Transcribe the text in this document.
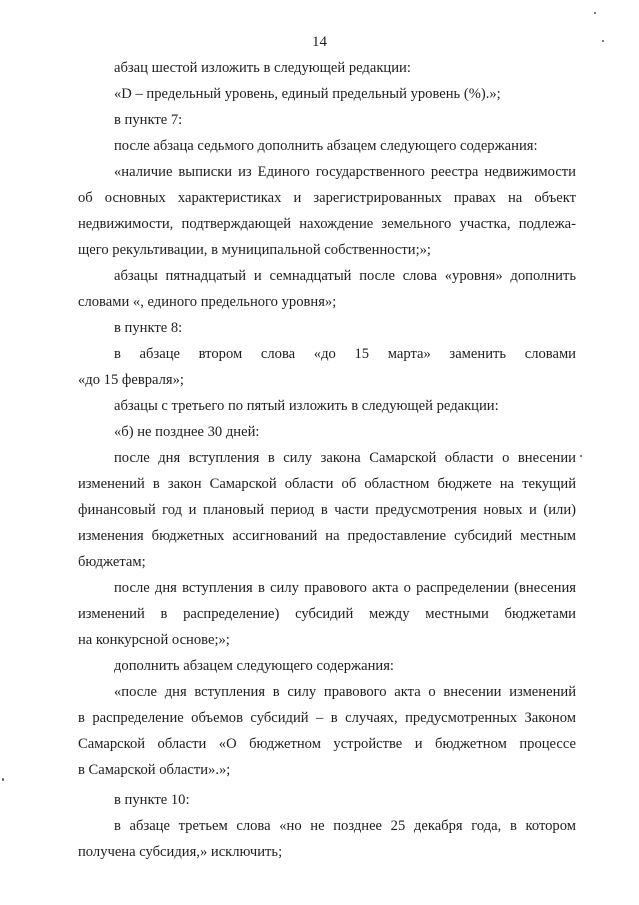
14

абзац шестой изложить в следующей редакции:

«D – предельный уровень, единый предельный уровень (%).»;

в пункте 7:

после абзаца седьмого дополнить абзацем следующего содержания:

«наличие выписки из Единого государственного реестра недвижимости

об основных характеристиках и зарегистрированных правах на объект

недвижимости, подтверждающей нахождение земельного участка, подлежа-

щего рекультивации, в муниципальной собственности;»;

абзацы пятнадцатый и семнадцатый после слова «уровня» дополнить

словами «, единого предельного уровня»;

в пункте 8:

в абзаце втором слова «до 15 марта» заменить словами

«до 15 февраля»;

абзацы с третьего по пятый изложить в следующей редакции:

«б) не позднее 30 дней:

после дня вступления в силу закона Самарской области о внесении

изменений в закон Самарской области об областном бюджете на текущий

финансовый год и плановый период в части предусмотрения новых и (или)

изменения бюджетных ассигнований на предоставление субсидий местным

бюджетам;

после дня вступления в силу правового акта о распределении (внесения

изменений в распределение) субсидий между местными бюджетами

на конкурсной основе;»;

дополнить абзацем следующего содержания:

«после дня вступления в силу правового акта о внесении изменений

в распределение объемов субсидий – в случаях, предусмотренных Законом

Самарской области «О бюджетном устройстве и бюджетном процессе

в Самарской области».»;

в пункте 10:

в абзаце третьем слова «но не позднее 25 декабря года, в котором

получена субсидия,» исключить;
